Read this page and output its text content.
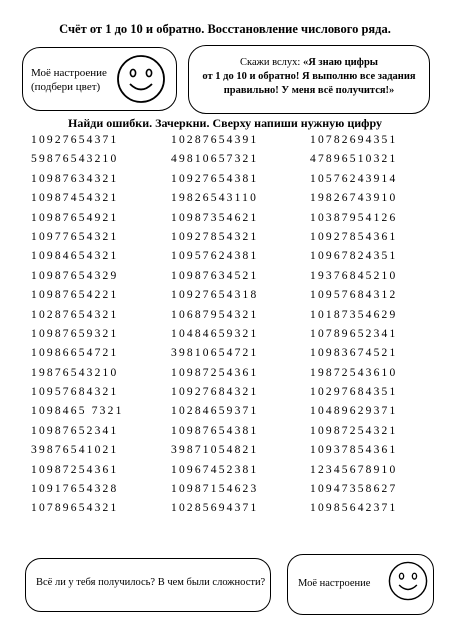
Счёт от 1 до 10 и обратно. Восстановление числового ряда.
Моё настроение
(подбери цвет)
Скажи вслух: «Я знаю цифры
от 1 до 10 и обратно! Я выполню все задания
правильно! У меня всё получится!»
Найди ошибки. Зачеркни. Сверху напиши нужную цифру
10927654371
59876543210
10987634321
10987454321
10987654921
10977654321
10984654321
10987654329
10987654221
10287654321
10987659321
10986654721
19876543210
10957684321
1098465 7321
10987652341
39876541021
10987254361
10917654328
10789654321
10287654391
49810657321
10927654381
19826543110
10987354621
10927854321
10957624381
10987634521
10927654318
10687954321
10484659321
39810654721
10987254361
10927684321
10284659371
10987654381
39871054821
10967452381
10987154623
10285694371
10782694351
47896510321
10576243914
19826743910
10387954126
10927854361
10967824351
19376845210
10957684312
10187354629
10789652341
10983674521
19872543610
10297684351
10489629371
10987254321
10937854361
12345678910
10947358627
10985642371
Всё ли у тебя получилось? В чем были сложности?	Моё настроение
